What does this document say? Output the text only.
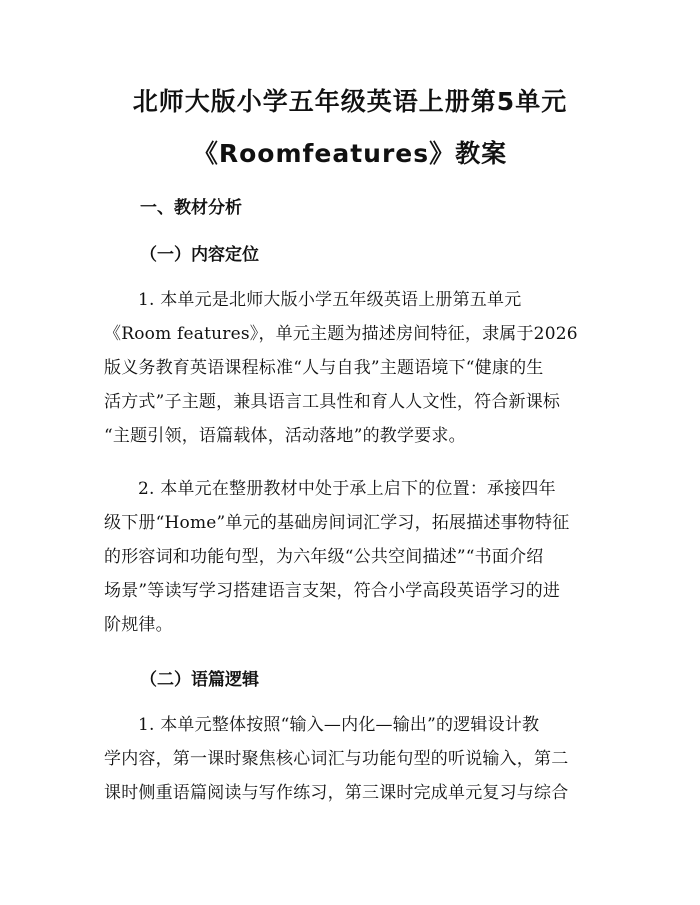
北师大版小学五年级英语上册第5单元
《Roomfeatures》教案
一、教材分析
（一）内容定位

1. 本单元是北师大版小学五年级英语上册第五单元
《Room features》，单元主题为描述房间特征，隶属于2026
版义务教育英语课程标准“人与自我”主题语境下“健康的生
活方式”子主题，兼具语言工具性和育人人文性，符合新课标
“主题引领，语篇载体，活动落地”的教学要求。

2. 本单元在整册教材中处于承上启下的位置：承接四年
级下册“Home”单元的基础房间词汇学习，拓展描述事物特征
的形容词和功能句型，为六年级“公共空间描述”“书面介绍
场景”等读写学习搭建语言支架，符合小学高段英语学习的进
阶规律。

（二）语篇逻辑

1. 本单元整体按照“输入—内化—输出”的逻辑设计教
学内容，第一课时聚焦核心词汇与功能句型的听说输入，第二
课时侧重语篇阅读与写作练习，第三课时完成单元复习与综合
